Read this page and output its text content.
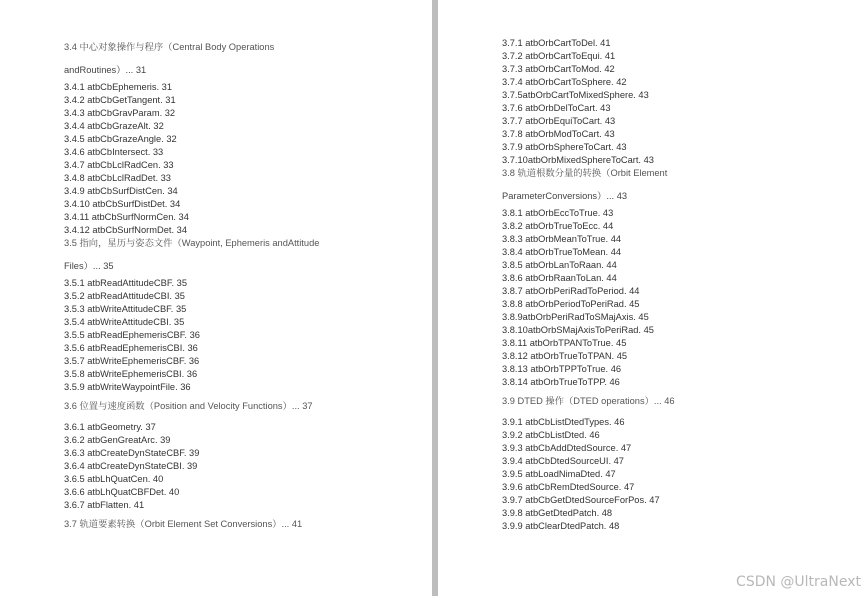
3.4 中心对象操作与程序（Central Body Operations
andRoutines）... 31
3.4.1 atbCbEphemeris. 31
3.4.2 atbCbGetTangent. 31
3.4.3 atbCbGravParam. 32
3.4.4 atbCbGrazeAlt. 32
3.4.5 atbCbGrazeAngle. 32
3.4.6 atbCbIntersect. 33
3.4.7 atbCbLclRadCen. 33
3.4.8 atbCbLclRadDet. 33
3.4.9 atbCbSurfDistCen. 34
3.4.10 atbCbSurfDistDet. 34
3.4.11 atbCbSurfNormCen. 34
3.4.12 atbCbSurfNormDet. 34
3.5 指向，星历与姿态文件（Waypoint, Ephemeris andAttitude
Files）... 35
3.5.1 atbReadAttitudeCBF. 35
3.5.2 atbReadAttitudeCBI. 35
3.5.3 atbWriteAttitudeCBF. 35
3.5.4 atbWriteAttitudeCBI. 35
3.5.5 atbReadEphemerisCBF. 36
3.5.6 atbReadEphemerisCBI. 36
3.5.7 atbWriteEphemerisCBF. 36
3.5.8 atbWriteEphemerisCBI. 36
3.5.9 atbWriteWaypointFile. 36
3.6 位置与速度函数（Position and Velocity Functions）... 37
3.6.1 atbGeometry. 37
3.6.2 atbGenGreatArc. 39
3.6.3 atbCreateDynStateCBF. 39
3.6.4 atbCreateDynStateCBI. 39
3.6.5 atbLhQuatCen. 40
3.6.6 atbLhQuatCBFDet. 40
3.6.7 atbFlatten. 41
3.7 轨道要素转换（Orbit Element Set Conversions）... 41
3.7.1 atbOrbCartToDel. 41
3.7.2 atbOrbCartToEqui. 41
3.7.3 atbOrbCartToMod. 42
3.7.4 atbOrbCartToSphere. 42
3.7.5atbOrbCartToMixedSphere. 43
3.7.6 atbOrbDelToCart. 43
3.7.7 atbOrbEquiToCart. 43
3.7.8 atbOrbModToCart. 43
3.7.9 atbOrbSphereToCart. 43
3.7.10atbOrbMixedSphereToCart. 43
3.8 轨道根数分量的转换（Orbit Element
ParameterConversions）... 43
3.8.1 atbOrbEccToTrue. 43
3.8.2 atbOrbTrueToEcc. 44
3.8.3 atbOrbMeanToTrue. 44
3.8.4 atbOrbTrueToMean. 44
3.8.5 atbOrbLanToRaan. 44
3.8.6 atbOrbRaanToLan. 44
3.8.7 atbOrbPeriRadToPeriod. 44
3.8.8 atbOrbPeriodToPeriRad. 45
3.8.9atbOrbPeriRadToSMajAxis. 45
3.8.10atbOrbSMajAxisToPeriRad. 45
3.8.11 atbOrbTPANToTrue. 45
3.8.12 atbOrbTrueToTPAN. 45
3.8.13 atbOrbTPPToTrue. 46
3.8.14 atbOrbTrueToTPP. 46
3.9 DTED 操作（DTED operations）... 46
3.9.1 atbCbListDtedTypes. 46
3.9.2 atbCbListDted. 46
3.9.3 atbCbAddDtedSource. 47
3.9.4 atbCbDtedSourceUI. 47
3.9.5 atbLoadNimaDted. 47
3.9.6 atbCbRemDtedSource. 47
3.9.7 atbCbGetDtedSourceForPos. 47
3.9.8 atbGetDtedPatch. 48
3.9.9 atbClearDtedPatch. 48
CSDN @UltraNext
